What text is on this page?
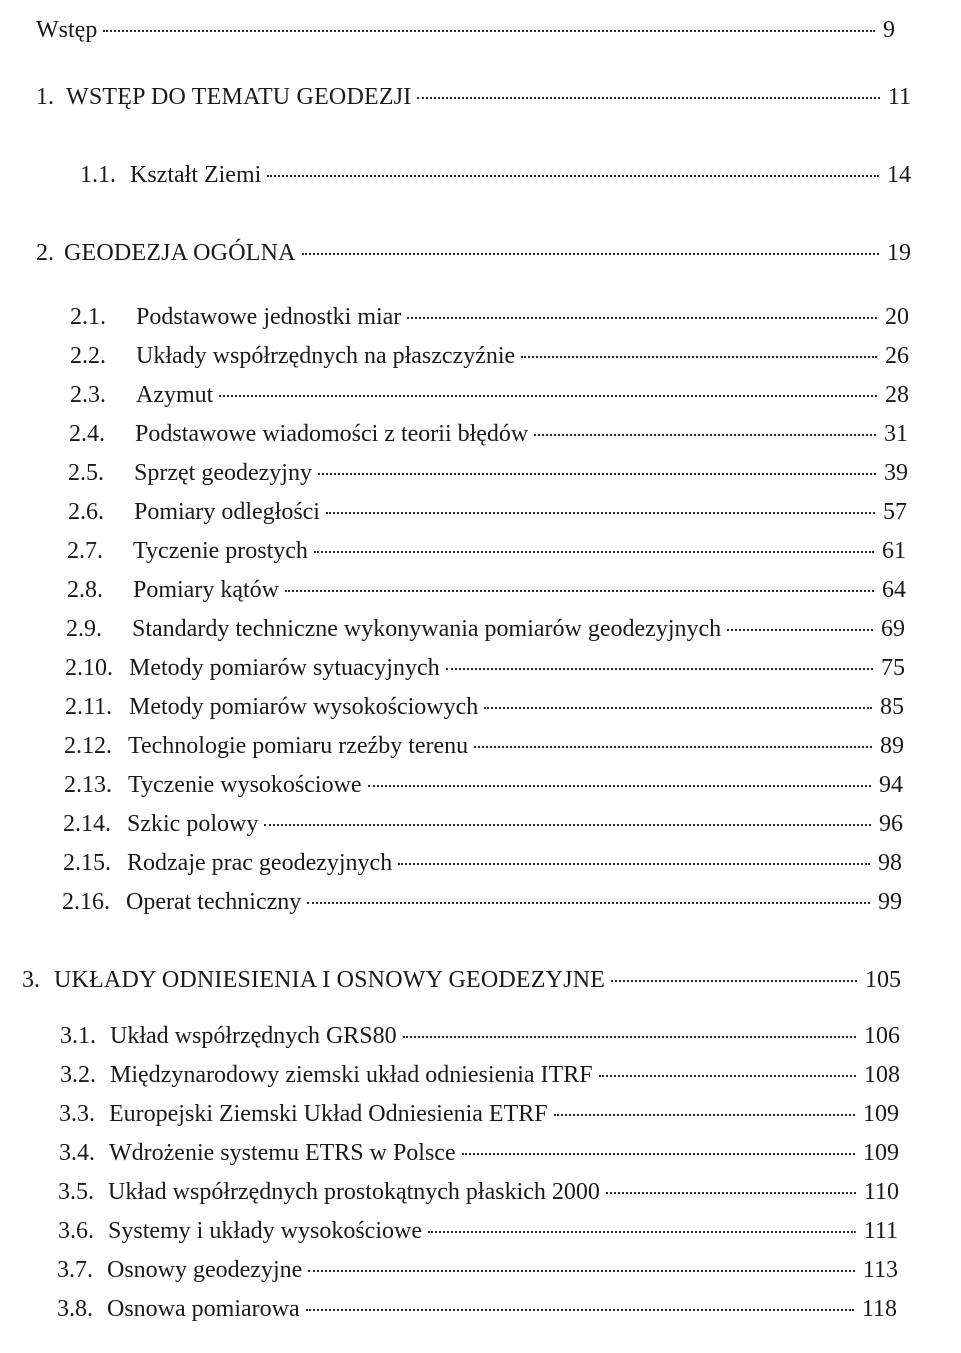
Wstęp	9
1. WSTĘP DO TEMATU GEODEZJI	11
1.1. Kształt Ziemi	14
2. GEODEZJA OGÓLNA	19
2.1.	Podstawowe jednostki miar	20
2.2.	Układy współrzędnych na płaszczyźnie	26
2.3.	Azymut	28
2.4.	Podstawowe wiadomości z teorii błędów	31
2.5.	Sprzęt geodezyjny	39
2.6.	Pomiary odległości	57
2.7.	Tyczenie prostych	61
2.8.	Pomiary kątów	64
2.9.	Standardy techniczne wykonywania pomiarów geodezyjnych	69
2.10. Metody pomiarów sytuacyjnych	75
2.11. Metody pomiarów wysokościowych	85
2.12. Technologie pomiaru rzeźby terenu	89
2.13. Tyczenie wysokościowe	94
2.14. Szkic polowy	96
2.15. Rodzaje prac geodezyjnych	98
2.16. Operat techniczny	99
3. UKŁADY ODNIESIENIA I OSNOWY GEODEZYJNE	105
3.1. Układ współrzędnych GRS80	106
3.2. Międzynarodowy ziemski układ odniesienia ITRF	108
3.3. Europejski Ziemski Układ Odniesienia ETRF	109
3.4. Wdrożenie systemu ETRS w Polsce	109
3.5. Układ współrzędnych prostokątnych płaskich 2000	110
3.6. Systemy i układy wysokościowe	111
3.7. Osnowy geodezyjne	113
3.8. Osnowa pomiarowa	118
